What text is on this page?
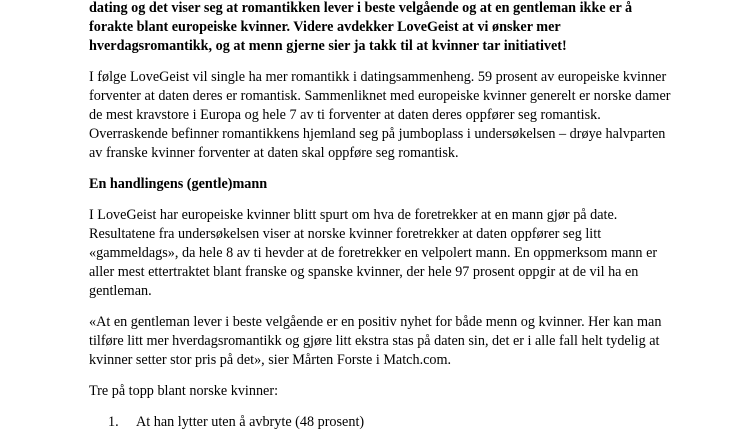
dating og det viser seg at romantikken lever i beste velgående og at en gentleman ikke er å
forakte blant europeiske kvinner. Videre avdekker LoveGeist at vi ønsker mer
hverdagsromantikk, og at menn gjerne sier ja takk til at kvinner tar initiativet!

I følge LoveGeist vil single ha mer romantikk i datingsammenheng. 59 prosent av europeiske kvinner
forventer at daten deres er romantisk. Sammenliknet med europeiske kvinner generelt er norske damer
de mest kravstore i Europa og hele 7 av ti forventer at daten deres oppfører seg romantisk.
Overraskende befinner romantikkens hjemland seg på jumboplass i undersøkelsen – drøye halvparten
av franske kvinner forventer at daten skal oppføre seg romantisk.

En handlingens (gentle)mann

I LoveGeist har europeiske kvinner blitt spurt om hva de foretrekker at en mann gjør på date.
Resultatene fra undersøkelsen viser at norske kvinner foretrekker at daten oppfører seg litt
«gammeldags», da hele 8 av ti hevder at de foretrekker en velpolert mann. En oppmerksom mann er
aller mest ettertraktet blant franske og spanske kvinner, der hele 97 prosent oppgir at de vil ha en
gentleman.

«At en gentleman lever i beste velgående er en positiv nyhet for både menn og kvinner. Her kan man
tilføre litt mer hverdagsromantikk og gjøre litt ekstra stas på daten sin, det er i alle fall helt tydelig at
kvinner setter stor pris på det», sier Mårten Forste i Match.com.

Tre på topp blant norske kvinner:

1.	At han lytter uten å avbryte (48 prosent)
